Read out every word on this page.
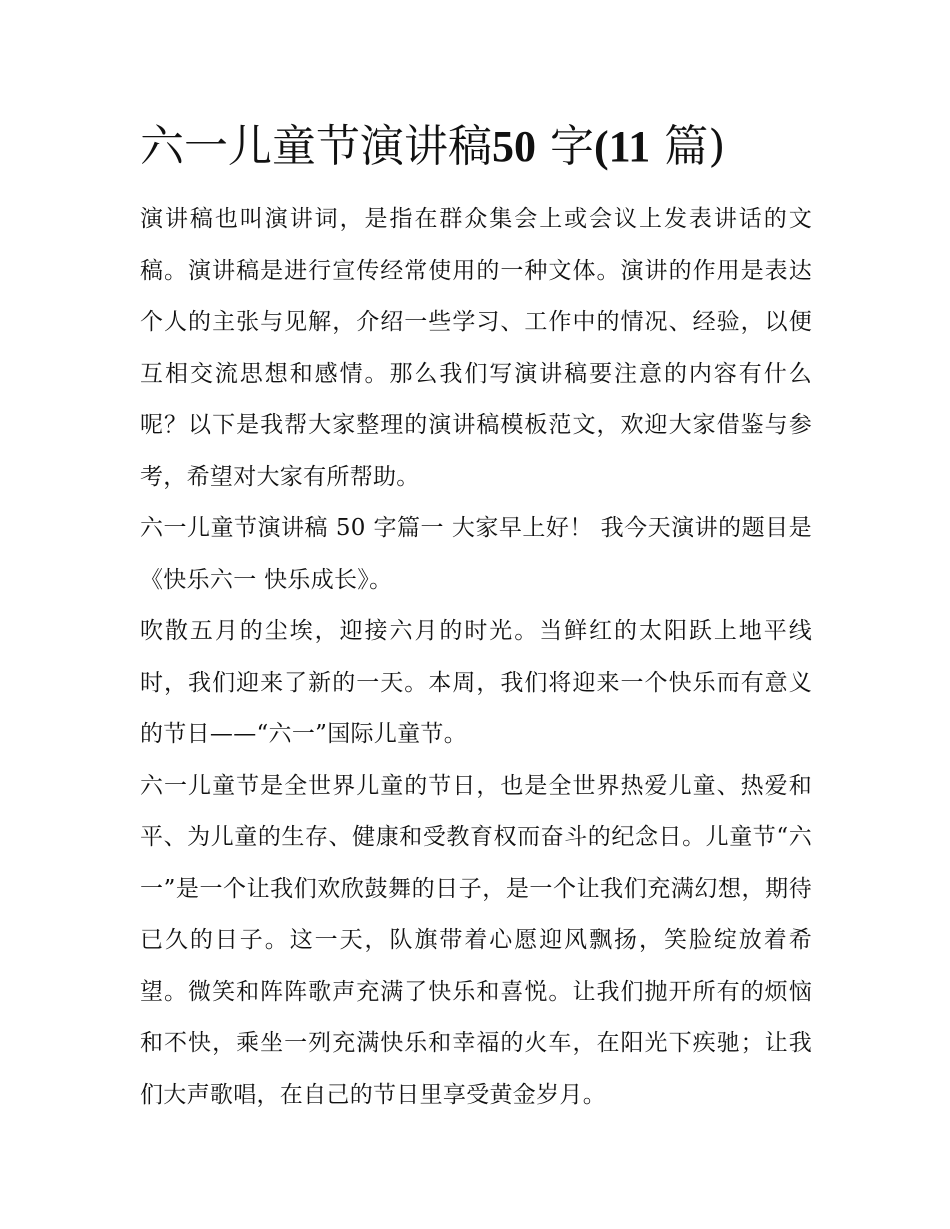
六一儿童节演讲稿50 字(11 篇)

演讲稿也叫演讲词，是指在群众集会上或会议上发表讲话的文稿。演讲稿是进行宣传经常使用的一种文体。演讲的作用是表达个人的主张与见解，介绍一些学习、工作中的情况、经验，以便互相交流思想和感情。那么我们写演讲稿要注意的内容有什么呢？以下是我帮大家整理的演讲稿模板范文，欢迎大家借鉴与参考，希望对大家有所帮助。

六一儿童节演讲稿 50 字篇一 大家早上好！ 我今天演讲的题目是《快乐六一 快乐成长》。

吹散五月的尘埃，迎接六月的时光。当鲜红的太阳跃上地平线时，我们迎来了新的一天。本周，我们将迎来一个快乐而有意义的节日——“六一”国际儿童节。

六一儿童节是全世界儿童的节日，也是全世界热爱儿童、热爱和平、为儿童的生存、健康和受教育权而奋斗的纪念日。儿童节“六一”是一个让我们欢欣鼓舞的日子，是一个让我们充满幻想，期待已久的日子。这一天，队旗带着心愿迎风飘扬，笑脸绽放着希望。微笑和阵阵歌声充满了快乐和喜悦。让我们抛开所有的烦恼和不快，乘坐一列充满快乐和幸福的火车，在阳光下疾驰；让我们大声歌唱，在自己的节日里享受黄金岁月。
